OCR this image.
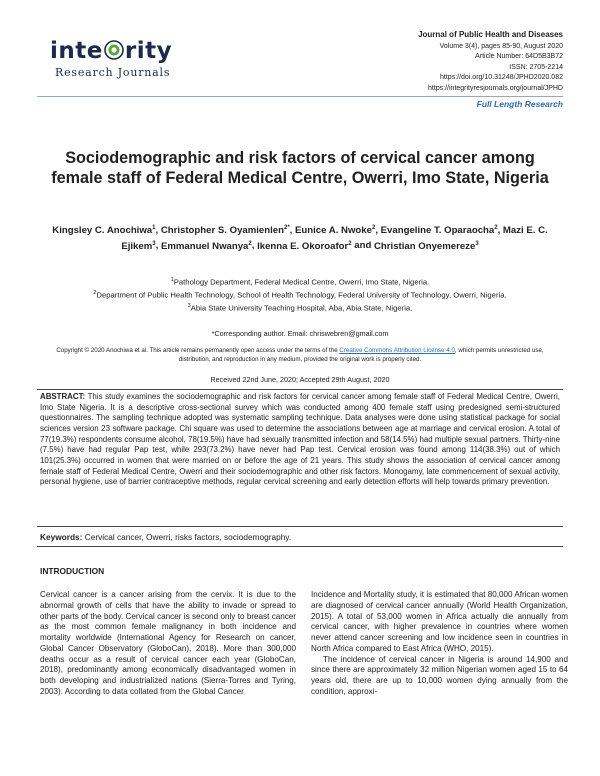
inte rity
Research Journals
Journal of Public Health and Diseases
Volume 3(4), pages 85-90, August 2020
Article Number: 64D5B3B72
ISSN: 2705-2214
https://doi.org/10.31248/JPHD2020.082
https://integrityresjournals.org/journal/JPHD
Full Length Research
Sociodemographic and risk factors of cervical cancer among female staff of Federal Medical Centre, Owerri, Imo State, Nigeria
Kingsley C. Anochiwa$^1$, Christopher S. Oyamienlen$^{2*}$, Eunice A. Nwoke$^2$, Evangeline T. Oparaocha$^2$, Mazi E. C. Ejikem$^3$, Emmanuel Nwanya$^2$, Ikenna E. Okoroafor$^2$ and Christian Onyemereze$^3$
$^1$Pathology Department, Federal Medical Centre, Owerri, Imo State, Nigeria.
$^2$Department of Public Health Technology, School of Health Technology, Federal University of Technology, Owerri, Nigeria.
$^3$Abia State University Teaching Hospital, Aba, Abia State, Nigeria.
*Corresponding author. Email: chriswebren@gmail.com
Copyright © 2020 Anochiwa et al. This article remains permanently open access under the terms of the Creative Commons Attribution License 4.0, which permits unrestricted use, distribution, and reproduction in any medium, provided the original work is properly cited.
Received 22nd June, 2020; Accepted 29th August, 2020
ABSTRACT: This study examines the sociodemographic and risk factors for cervical cancer among female staff of Federal Medical Centre, Owerri, Imo State Nigeria. It is a descriptive cross-sectional survey which was conducted among 400 female staff using predesigned semi-structured questionnaires. The sampling technique adopted was systematic sampling technique. Data analyses were done using statistical package for social sciences version 23 software package. Chi square was used to determine the associations between age at marriage and cervical erosion. A total of 77(19.3%) respondents consume alcohol, 78(19.5%) have had sexually transmitted infection and 58(14.5%) had multiple sexual partners. Thirty-nine (7.5%) have had regular Pap test, while 293(73.2%) have never had Pap test. Cervical erosion was found among 114(38.3%) out of which 101(25.3%) occurred in women that were married on or before the age of 21 years. This study shows the association of cervical cancer among female staff of Federal Medical Centre, Owerri and their sociodemographic and other risk factors. Monogamy, late commencement of sexual activity, personal hygiene, use of barrier contraceptive methods, regular cervical screening and early detection efforts will help towards primary prevention.
Keywords: Cervical cancer, Owerri, risks factors, sociodemography.
INTRODUCTION

Cervical cancer is a cancer arising from the cervix. It is due to the abnormal growth of cells that have the ability to invade or spread to other parts of the body. Cervical cancer is second only to breast cancer as the most common female malignancy in both incidence and mortality worldwide (International Agency for Research on cancer, Global Cancer Observatory (GloboCan), 2018). More than 300,000 deaths occur as a result of cervical cancer each year (GloboCan, 2018), predominantly among economically disadvantaged women in both developing and industrialized nations (Sierra-Torres and Tyring, 2003). According to data collated from the Global Cancer

Incidence and Mortality study, it is estimated that 80,000 African women are diagnosed of cervical cancer annually (World Health Organization, 2015). A total of 53,000 women in Africa actually die annually from cervical cancer, with higher prevalence in countries where women never attend cancer screening and low incidence seen in countries in North Africa compared to East Africa (WHO, 2015).

The incidence of cervical cancer in Nigeria is around 14,900 and since there are approximately 32 million Nigerian women aged 15 to 64 years old, there are up to 10,000 women dying annually from the condition, approxi-
